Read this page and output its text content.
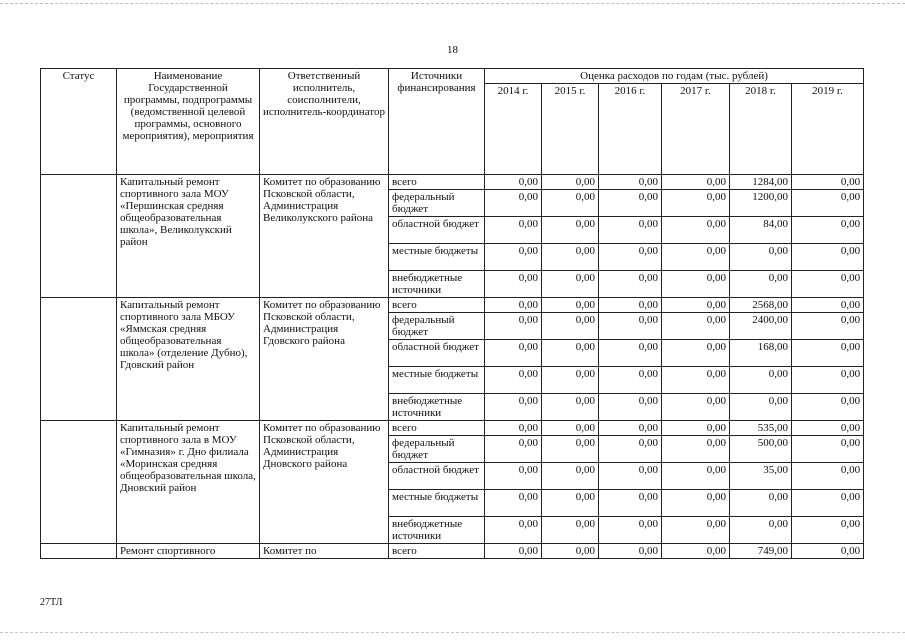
18
Статус	Наименование Государственной программы, подпрограммы (ведомственной целевой программы, основного мероприятия), мероприятия	Ответственный исполнитель, соисполнители, исполнитель-координатор	Источники финансирования	Оценка расходов по годам (тыс. рублей)					
				2014 г.	2015 г.	2016 г.	2017 г.	2018 г.	2019 г.
	Капитальный ремонт спортивного зала МОУ «Першинская средняя общеобразовательная школа», Великолукский район	Комитет по образованию Псковской области, Администрация Великолукского района	всего	0,00	0,00	0,00	0,00	1284,00	0,00
			федеральный бюджет	0,00	0,00	0,00	0,00	1200,00	0,00
			областной бюджет	0,00	0,00	0,00	0,00	84,00	0,00
			местные бюджеты	0,00	0,00	0,00	0,00	0,00	0,00
			внебюджетные источники	0,00	0,00	0,00	0,00	0,00	0,00
	Капитальный ремонт спортивного зала МБОУ «Яммская средняя общеобразовательная школа» (отделение Дубно), Гдовский район	Комитет по образованию Псковской области, Администрация Гдовского района	всего	0,00	0,00	0,00	0,00	2568,00	0,00
			федеральный бюджет	0,00	0,00	0,00	0,00	2400,00	0,00
			областной бюджет	0,00	0,00	0,00	0,00	168,00	0,00
			местные бюджеты	0,00	0,00	0,00	0,00	0,00	0,00
			внебюджетные источники	0,00	0,00	0,00	0,00	0,00	0,00
	Капитальный ремонт спортивного зала в МОУ «Гимназия» г. Дно филиала «Моринская средняя общеобразовательная школа, Дновский район	Комитет по образованию Псковской области, Администрация Дновского района	всего	0,00	0,00	0,00	0,00	535,00	0,00
			федеральный бюджет	0,00	0,00	0,00	0,00	500,00	0,00
			областной бюджет	0,00	0,00	0,00	0,00	35,00	0,00
			местные бюджеты	0,00	0,00	0,00	0,00	0,00	0,00
			внебюджетные источники	0,00	0,00	0,00	0,00	0,00	0,00
	Ремонт спортивного	Комитет по	всего	0,00	0,00	0,00	0,00	749,00	0,00
27ТЛ
